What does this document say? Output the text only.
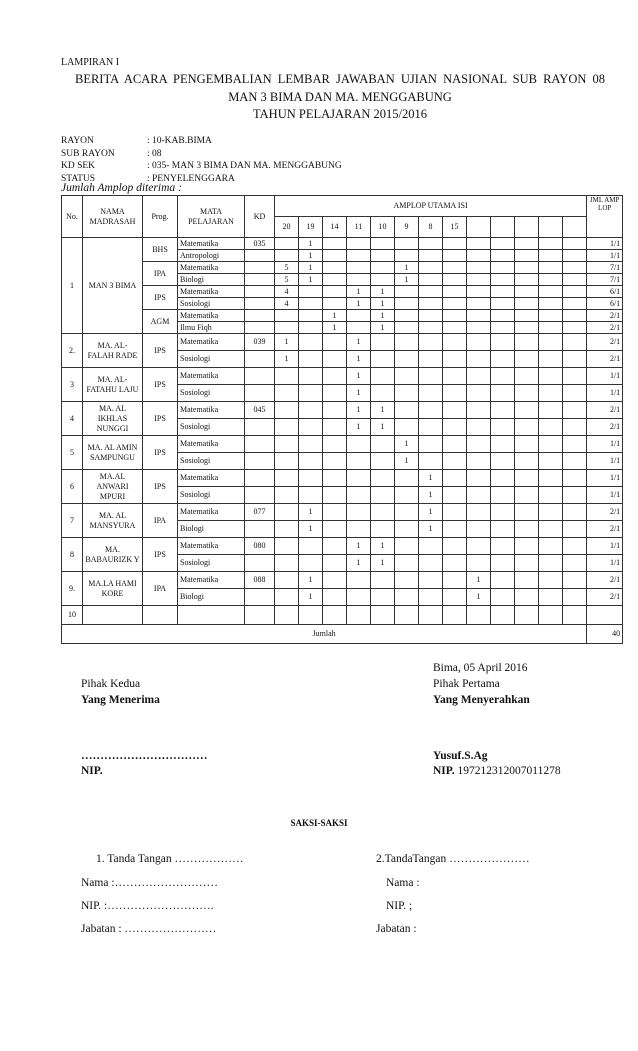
LAMPIRAN I
BERITA ACARA PENGEMBALIAN LEMBAR JAWABAN UJIAN NASIONAL SUB RAYON 08
MAN 3 BIMA DAN MA. MENGGABUNG
TAHUN PELAJARAN 2015/2016
RAYON	: 10-KAB.BIMA
SUB RAYON	: 08
KD SEK	: 035- MAN 3 BIMA DAN MA. MENGGABUNG
STATUS	: PENYELENGGARA
Jumlah Amplop diterima :
No.	NAMA MADRASAH	Prog.	MATA PELAJARAN	KD	AMPLOP UTAMA ISI													JML AMP LOP
					20	19	14	11	10	9	8	15						
1	MAN 3 BIMA	BHS	Matematika	035		1												1/1
			Antropologi			1												1/1
		IPA	Matematika		5	1				1								7/1
			Biologi		5	1				1								7/1
		IPS	Matematika		4			1	1									6/1
			Sosiologi		4			1	1									6/1
		AGM	Matematika				1		1									2/1
			Ilmu Fiqh				1		1									2/1
2.	MA. AL-FALAH RADE	IPS	Matematika	039	1			1										2/1
			Sosiologi		1			1										2/1
3	MA. AL-FATAHU LAJU	IPS	Matematika					1										1/1
			Sosiologi					1										1/1
4	MA. AL IKHLAS NUNGGI	IPS	Matematika	045				1	1									2/1
			Sosiologi					1	1									2/1
5	MA. AL AMIN SAMPUNGU	IPS	Matematika							1								1/1
			Sosiologi							1								1/1
6	MA.AL ANWARI MPURI	IPS	Matematika								1							1/1
			Sosiologi								1							1/1
7	MA. AL MANSYURA	IPA	Matematika	077		1					1							2/1
			Biologi			1					1							2/1
8	MA. BABAURIZK Y	IPS	Matematika	080				1	1									1/1
			Sosiologi					1	1									1/1
9.	MA.LA HAMI KORE	IPA	Matematika	088		1							1					2/1
			Biologi			1							1					2/1
10																		
Jumlah																		40
Bima, 05 April 2016
Pihak Kedua
Yang Menerima
Pihak Pertama
Yang Menyerahkan
……………………………
NIP.
Yusuf.S.Ag
NIP. 197212312007011278
SAKSI-SAKSI
1. Tanda Tangan ………………
Nama :………………………
NIP. :……………………….
Jabatan : ……………………
2.TandaTangan …………………
Nama :
NIP. ;
Jabatan :
